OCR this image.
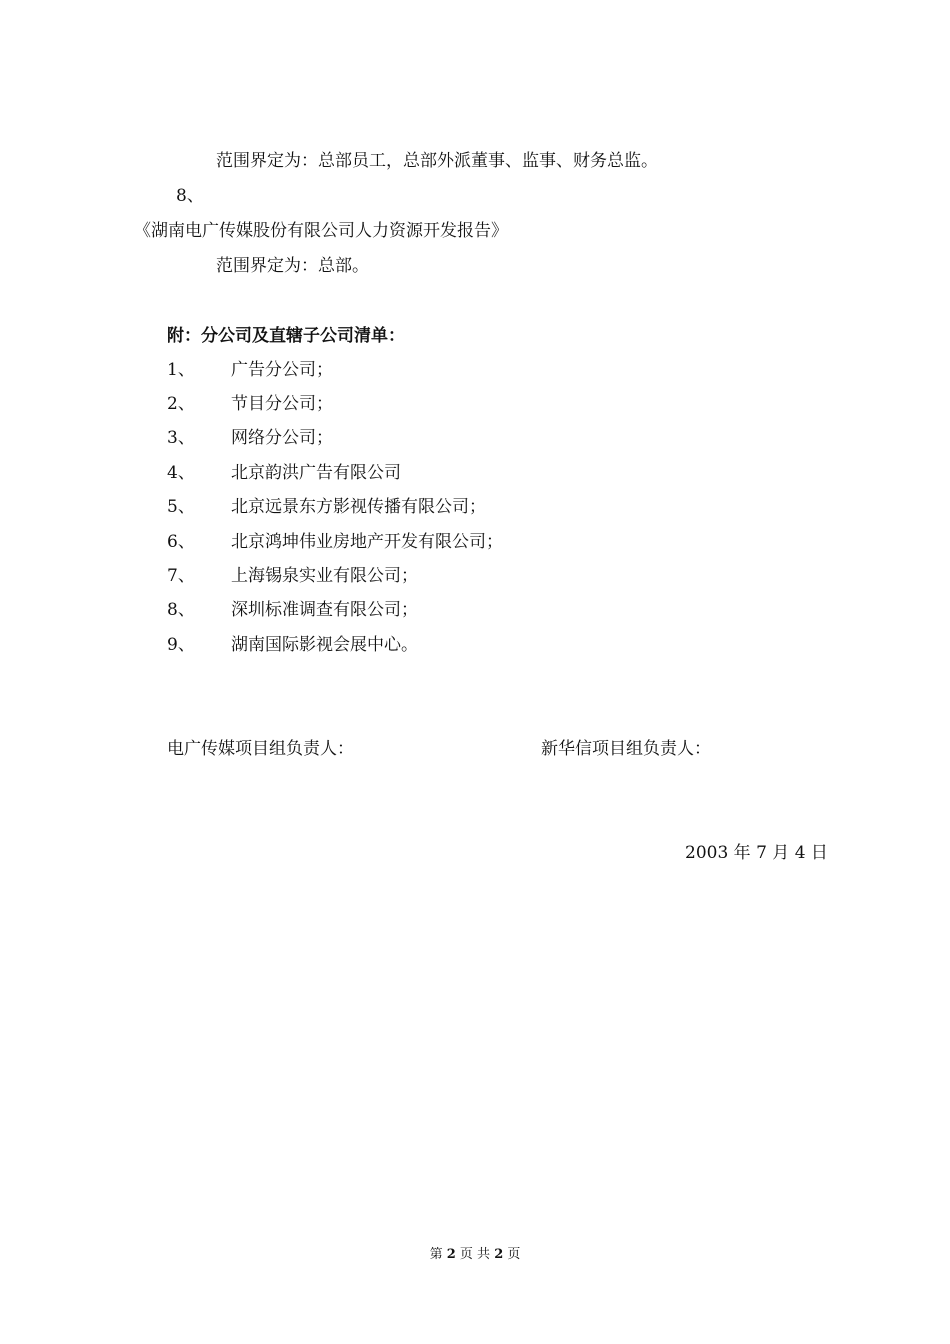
范围界定为：总部员工，总部外派董事、监事、财务总监。
8、
《湖南电广传媒股份有限公司人力资源开发报告》
范围界定为：总部。
附：分公司及直辖子公司清单：
1、 广告分公司；
2、 节目分公司；
3、 网络分公司；
4、 北京韵洪广告有限公司
5、 北京远景东方影视传播有限公司；
6、 北京鸿坤伟业房地产开发有限公司；
7、 上海锡泉实业有限公司；
8、 深圳标准调查有限公司；
9、 湖南国际影视会展中心。
电广传媒项目组负责人：	新华信项目组负责人：
2003 年 7 月 4 日
第 2 页 共 2 页
